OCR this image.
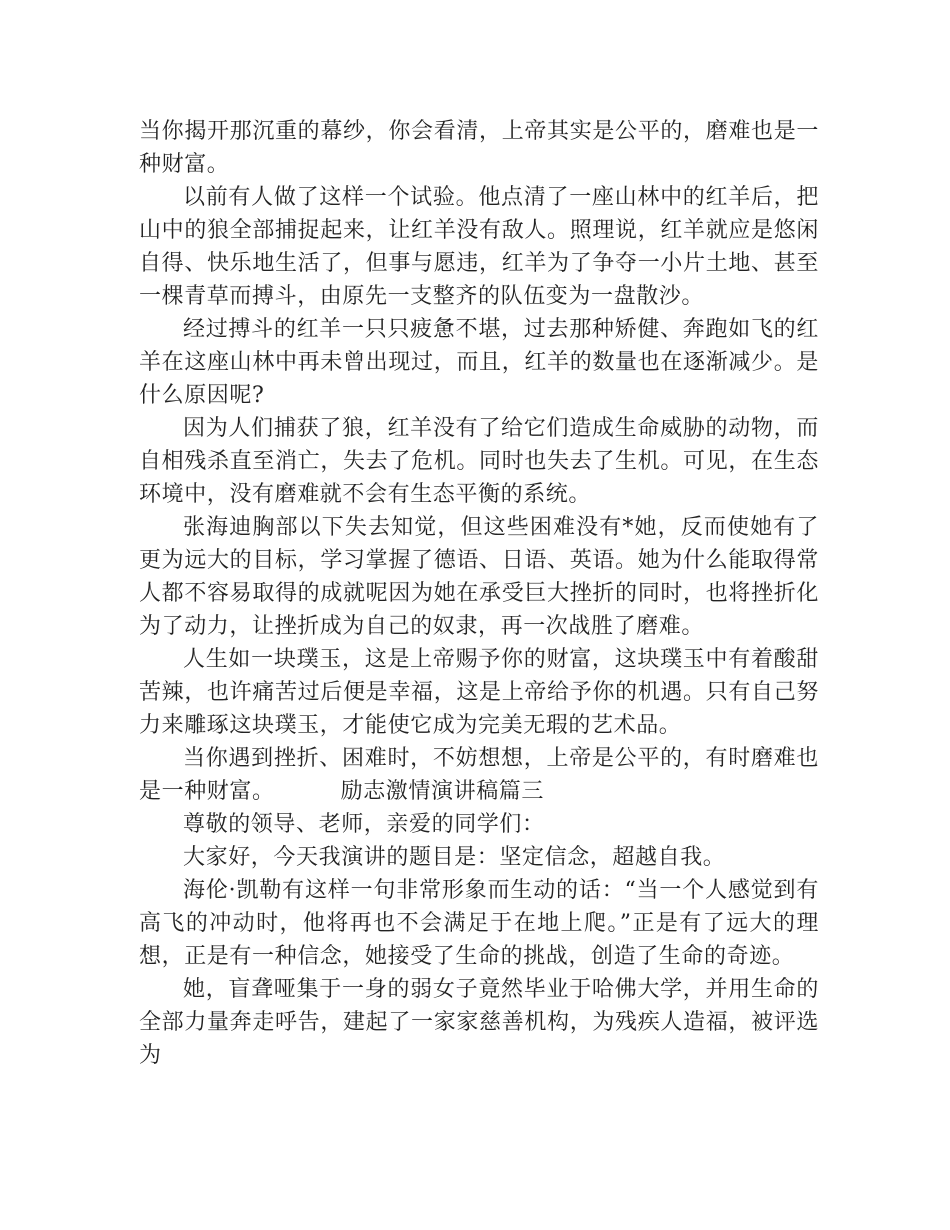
当你揭开那沉重的幕纱，你会看清，上帝其实是公平的，磨难也是一种财富。

以前有人做了这样一个试验。他点清了一座山林中的红羊后，把山中的狼全部捕捉起来，让红羊没有敌人。照理说，红羊就应是悠闲自得、快乐地生活了，但事与愿违，红羊为了争夺一小片土地、甚至一棵青草而搏斗，由原先一支整齐的队伍变为一盘散沙。

经过搏斗的红羊一只只疲惫不堪，过去那种矫健、奔跑如飞的红羊在这座山林中再未曾出现过，而且，红羊的数量也在逐渐减少。是什么原因呢?

因为人们捕获了狼，红羊没有了给它们造成生命威胁的动物，而自相残杀直至消亡，失去了危机。同时也失去了生机。可见，在生态环境中，没有磨难就不会有生态平衡的系统。

张海迪胸部以下失去知觉，但这些困难没有*她，反而使她有了更为远大的目标，学习掌握了德语、日语、英语。她为什么能取得常人都不容易取得的成就呢因为她在承受巨大挫折的同时，也将挫折化为了动力，让挫折成为自己的奴隶，再一次战胜了磨难。

人生如一块璞玉，这是上帝赐予你的财富，这块璞玉中有着酸甜苦辣，也许痛苦过后便是幸福，这是上帝给予你的机遇。只有自己努力来雕琢这块璞玉，才能使它成为完美无瑕的艺术品。

当你遇到挫折、困难时，不妨想想，上帝是公平的，有时磨难也是一种财富。	励志激情演讲稿篇三

尊敬的领导、老师，亲爱的同学们：

大家好，今天我演讲的题目是：坚定信念，超越自我。

海伦·凯勒有这样一句非常形象而生动的话：“当一个人感觉到有高飞的冲动时，他将再也不会满足于在地上爬。”正是有了远大的理想，正是有一种信念，她接受了生命的挑战，创造了生命的奇迹。

她，盲聋哑集于一身的弱女子竟然毕业于哈佛大学，并用生命的全部力量奔走呼告，建起了一家家慈善机构，为残疾人造福，被评选为
